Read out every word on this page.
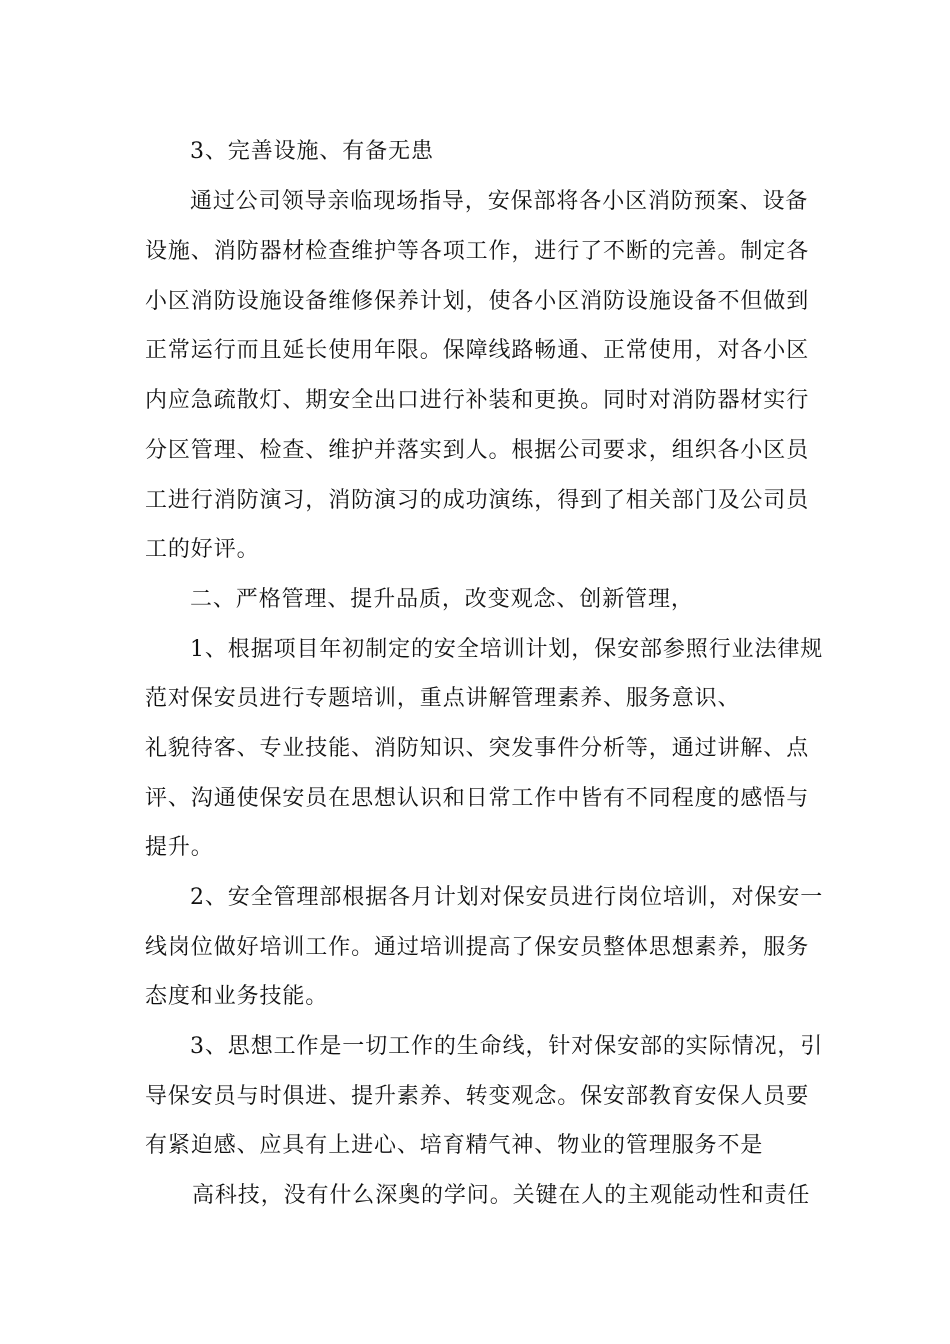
3、完善设施、有备无患
通过公司领导亲临现场指导，安保部将各小区消防预案、设备
设施、消防器材检查维护等各项工作，进行了不断的完善。制定各
小区消防设施设备维修保养计划，使各小区消防设施设备不但做到
正常运行而且延长使用年限。保障线路畅通、正常使用，对各小区
内应急疏散灯、期安全出口进行补装和更换。同时对消防器材实行
分区管理、检查、维护并落实到人。根据公司要求，组织各小区员
工进行消防演习，消防演习的成功演练，得到了相关部门及公司员
工的好评。
二、严格管理、提升品质，改变观念、创新管理，
1、根据项目年初制定的安全培训计划，保安部参照行业法律规
范对保安员进行专题培训，重点讲解管理素养、服务意识、
礼貌待客、专业技能、消防知识、突发事件分析等，通过讲解、点
评、沟通使保安员在思想认识和日常工作中皆有不同程度的感悟与
提升。
2、安全管理部根据各月计划对保安员进行岗位培训，对保安一
线岗位做好培训工作。通过培训提高了保安员整体思想素养，服务
态度和业务技能。
3、思想工作是一切工作的生命线，针对保安部的实际情况，引
导保安员与时俱进、提升素养、转变观念。保安部教育安保人员要
有紧迫感、应具有上进心、培育精气神、物业的管理服务不是
高科技，没有什么深奥的学问。关键在人的主观能动性和责任
